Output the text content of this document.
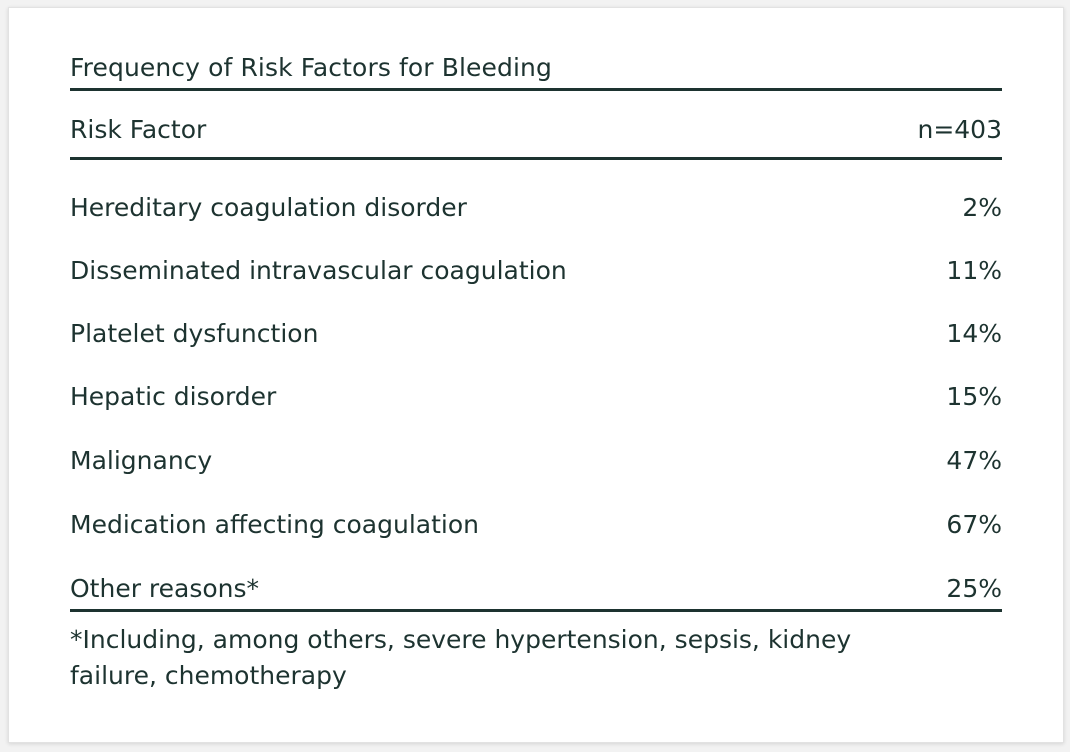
Frequency of Risk Factors for Bleeding
Risk Factor	n=403
Hereditary coagulation disorder	2%
Disseminated intravascular coagulation	11%
Platelet dysfunction	14%
Hepatic disorder	15%
Malignancy	47%
Medication affecting coagulation	67%
Other reasons*	25%
*Including, among others, severe hypertension, sepsis, kidney
failure, chemotherapy
